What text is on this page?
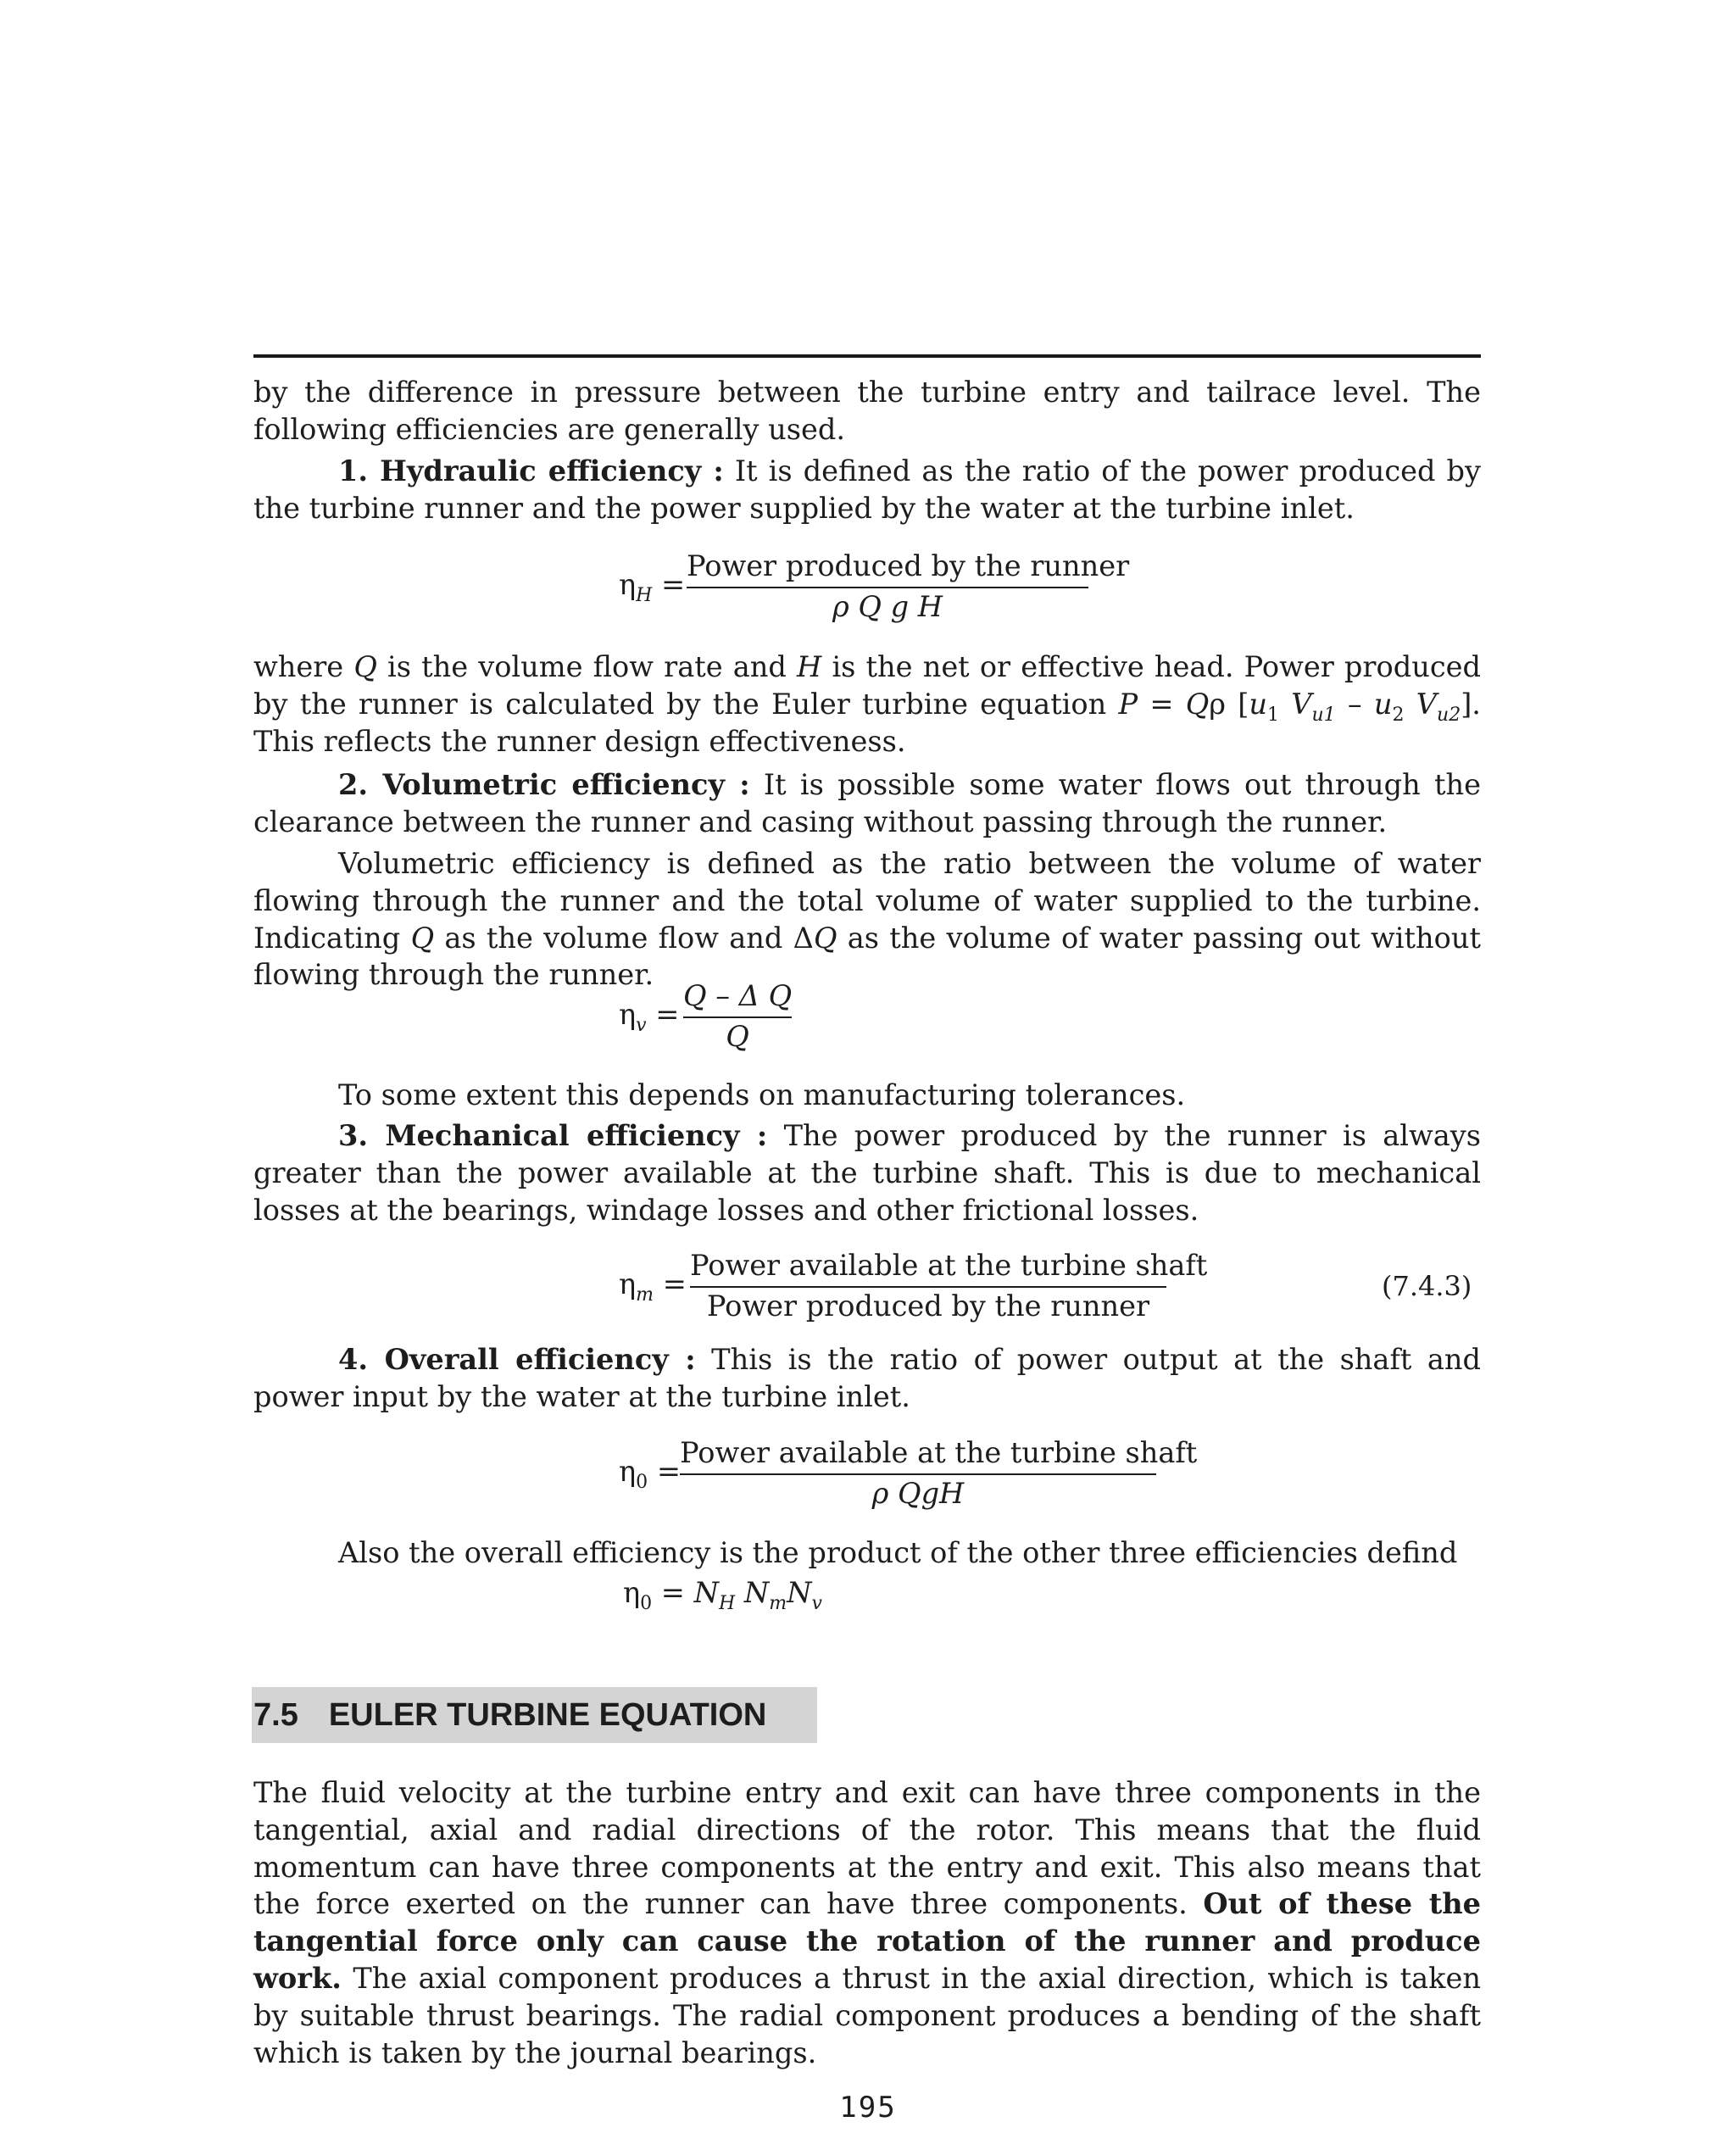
by the difference in pressure between the turbine entry and tailrace level. The following efficiencies are generally used.

1. Hydraulic efficiency : It is defined as the ratio of the power produced by the turbine runner and the power supplied by the water at the turbine inlet.

$\eta_H$ =
Power produced by the runner
ρ Q g H

where Q is the volume flow rate and H is the net or effective head. Power produced by the runner is calculated by the Euler turbine equation P = Qρ [$u_1$ $V_{u1} - u_2$ $V_{u2}$]. This reflects the runner design effectiveness.

2. Volumetric efficiency : It is possible some water flows out through the clearance between the runner and casing without passing through the runner.

Volumetric efficiency is defined as the ratio between the volume of water flowing through the runner and the total volume of water supplied to the turbine. Indicating Q as the volume flow and ΔQ as the volume of water passing out without flowing through the runner.

$\eta_v$ =
Q – Δ Q
Q

To some extent this depends on manufacturing tolerances.

3. Mechanical efficiency : The power produced by the runner is always greater than the power available at the turbine shaft. This is due to mechanical losses at the bearings, windage losses and other frictional losses.

$\eta_m$ =
Power available at the turbine shaft
Power produced by the runner
(7.4.3)

4. Overall efficiency : This is the ratio of power output at the shaft and power input by the water at the turbine inlet.

$\eta_0$ =
Power available at the turbine shaft
ρ QgH

Also the overall efficiency is the product of the other three efficiencies defind

$\eta_0 = N_H$ $N_mN_v$

7.5 EULER TURBINE EQUATION

The fluid velocity at the turbine entry and exit can have three components in the tangential, axial and radial directions of the rotor. This means that the fluid momentum can have three components at the entry and exit. This also means that the force exerted on the runner can have three components. Out of these the tangential force only can cause the rotation of the runner and produce work. The axial component produces a thrust in the axial direction, which is taken by suitable thrust bearings. The radial component produces a bending of the shaft which is taken by the journal bearings.

195
